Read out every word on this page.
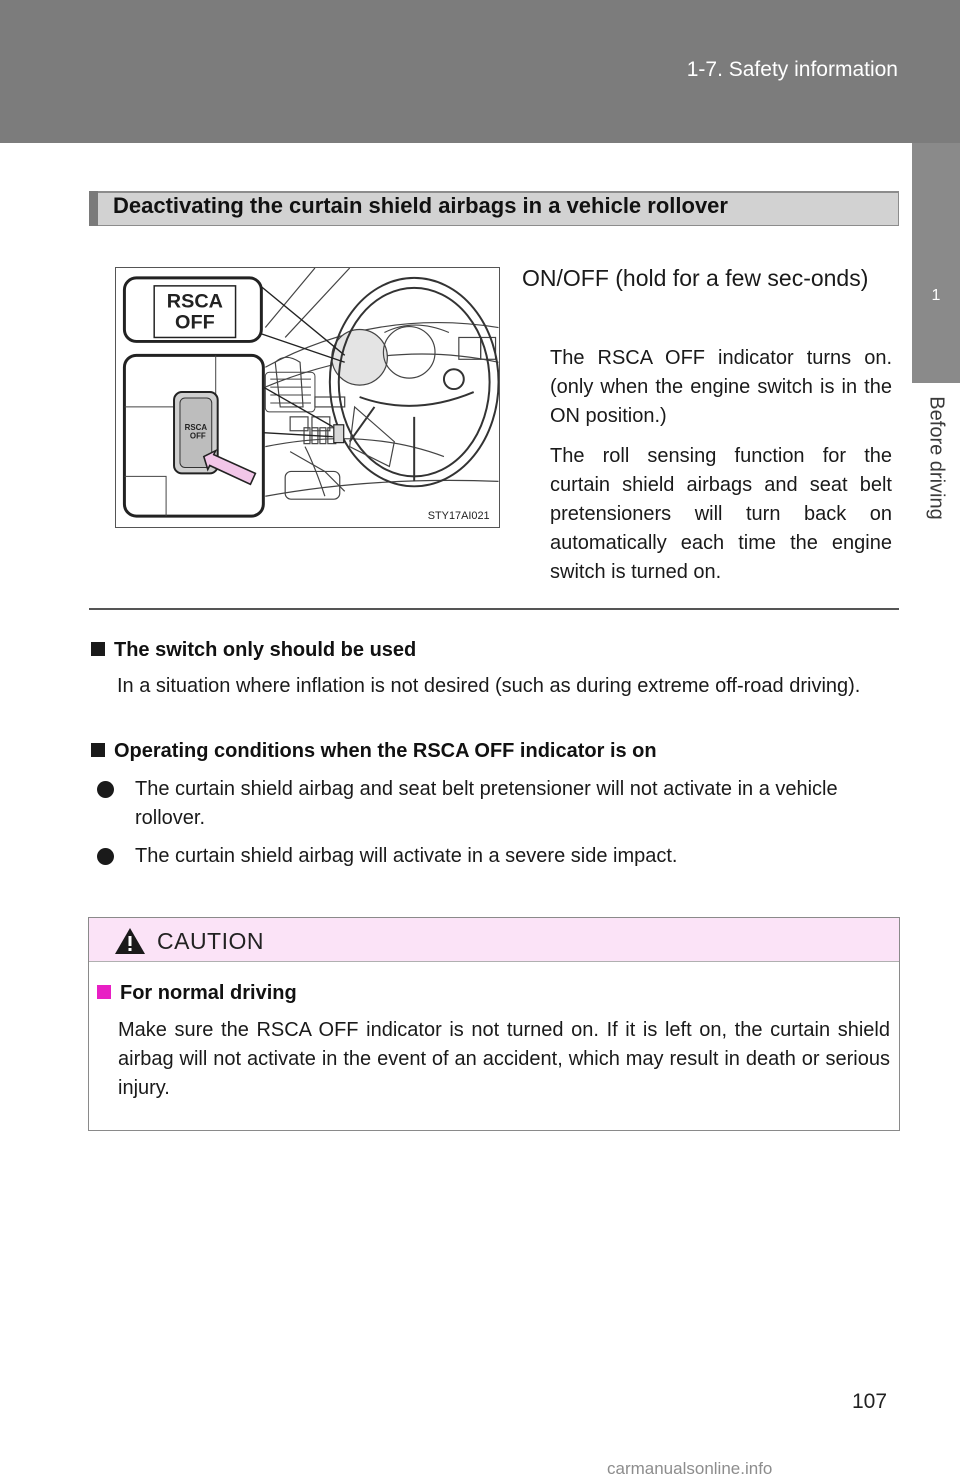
1-7. Safety information
1
Before driving
Deactivating the curtain shield airbags in a vehicle rollover
RSCA
OFF
RSCA
OFF
STY17AI021
ON/OFF (hold for a few sec-onds)
The RSCA OFF indicator turns on. (only when the engine switch is in the ON position.)
The roll sensing function for the curtain shield airbags and seat belt pretensioners will turn back on automatically each time the engine switch is turned on.
The switch only should be used
In a situation where inflation is not desired (such as during extreme off-road driving).
Operating conditions when the RSCA OFF indicator is on
The curtain shield airbag and seat belt pretensioner will not activate in a vehicle rollover.
The curtain shield airbag will activate in a severe side impact.
CAUTION
For normal driving
Make sure the RSCA OFF indicator is not turned on. If it is left on, the curtain shield airbag will not activate in the event of an accident, which may result in death or serious injury.
107
carmanualsonline.info
